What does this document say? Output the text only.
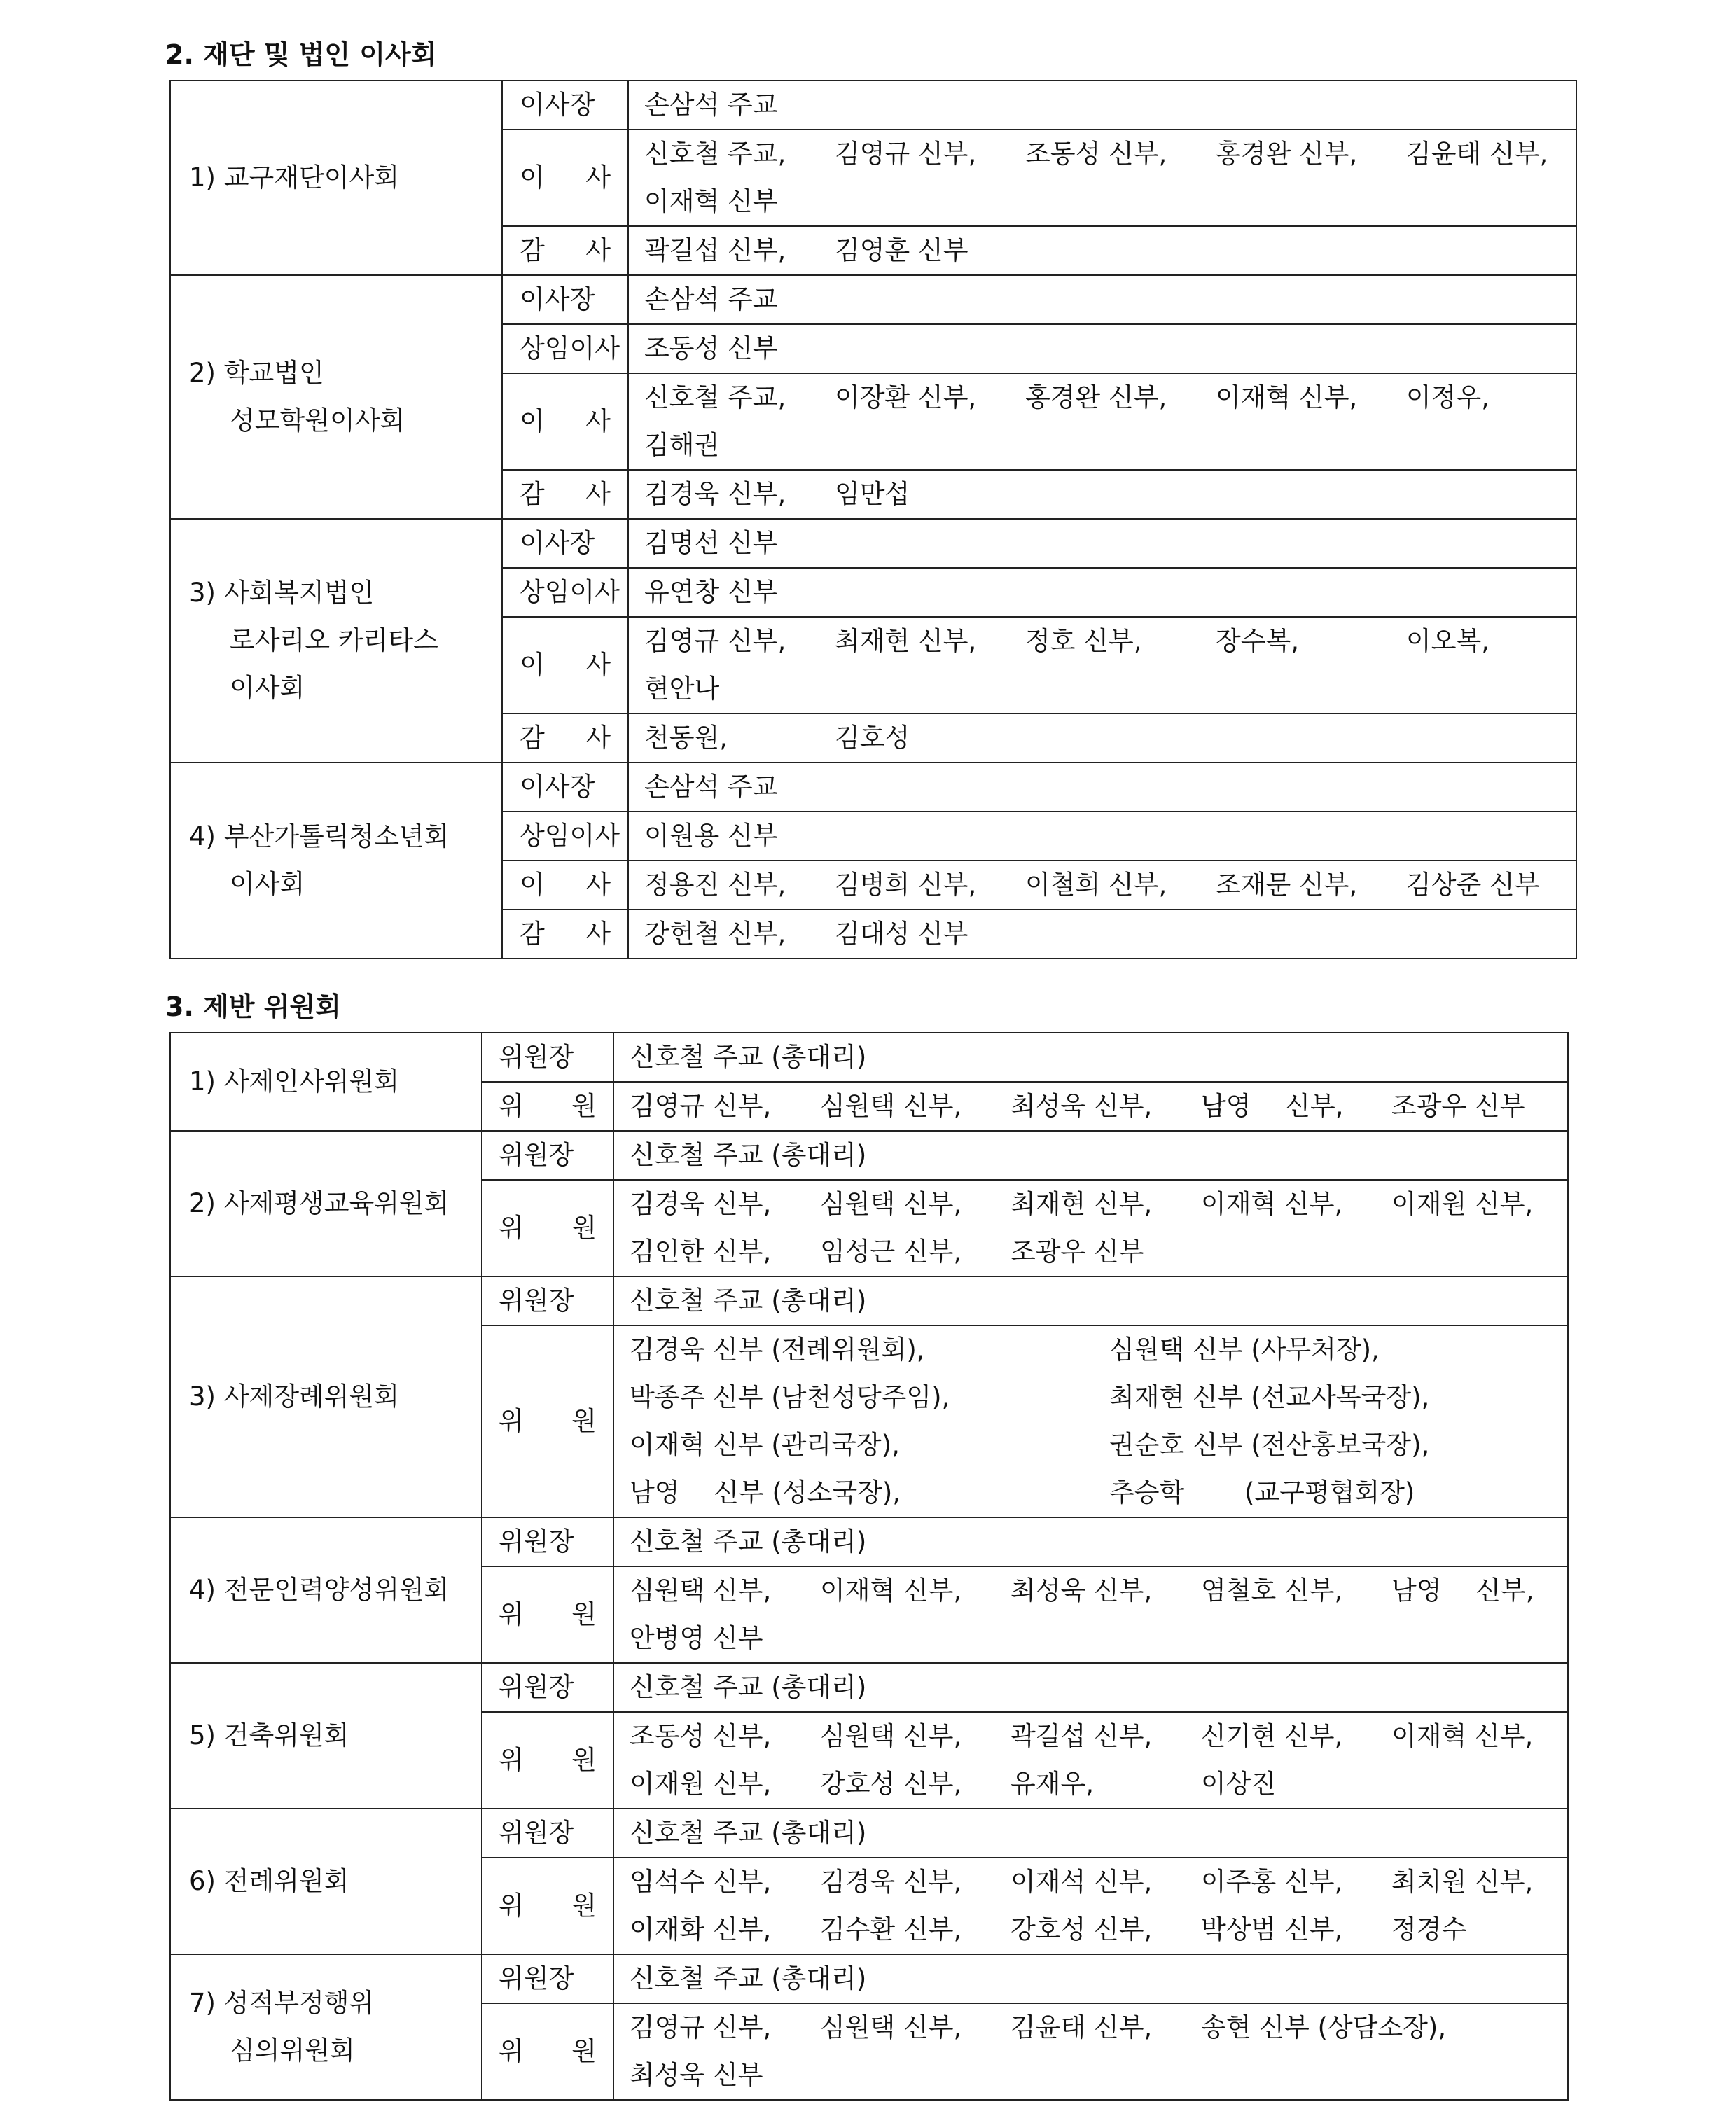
2. 재단 및 법인 이사회
1) 교구재단이사회	이사장	손삼석 주교

	이 사	신호철 주교, 김영규 신부, 조동성 신부, 홍경완 신부, 김윤태 신부,
이재혁 신부

	감 사	곽길섭 신부, 김영훈 신부

2) 학교법인
성모학원이사회	이사장	손삼석 주교

	상임이사	조동성 신부

	이 사	신호철 주교, 이장환 신부, 홍경완 신부, 이재혁 신부, 이정우,
김해권

	감 사	김경욱 신부, 임만섭

3) 사회복지법인
로사리오 카리타스
이사회	이사장	김명선 신부

	상임이사	유연창 신부

	이 사	김영규 신부, 최재현 신부, 정호 신부, 장수복, 이오복,
현안나

	감 사	천동원, 김호성

4) 부산가톨릭청소년회
이사회	이사장	손삼석 주교

	상임이사	이원용 신부

	이 사	정용진 신부, 김병희 신부, 이철희 신부, 조재문 신부, 김상준 신부

	감 사	강헌철 신부, 김대성 신부
3. 제반 위원회
1) 사제인사위원회	위원장	신호철 주교 (총대리)

	위 원	김영규 신부, 심원택 신부, 최성욱 신부, 남영　 신부, 조광우 신부

2) 사제평생교육위원회	위원장	신호철 주교 (총대리)

	위 원	김경욱 신부, 심원택 신부, 최재현 신부, 이재혁 신부, 이재원 신부,
김인한 신부, 임성근 신부, 조광우 신부

3) 사제장례위원회	위원장	신호철 주교 (총대리)

	위 원	김경욱 신부 (전례위원회), 심원택 신부 (사무처장),
박종주 신부 (남천성당주임), 최재현 신부 (선교사목국장),
이재혁 신부 (관리국장), 권순호 신부 (전산홍보국장),
남영　 신부 (성소국장), 추승학　　 (교구평협회장)

4) 전문인력양성위원회	위원장	신호철 주교 (총대리)

	위 원	심원택 신부, 이재혁 신부, 최성욱 신부, 염철호 신부, 남영　 신부,
안병영 신부

5) 건축위원회	위원장	신호철 주교 (총대리)

	위 원	조동성 신부, 심원택 신부, 곽길섭 신부, 신기현 신부, 이재혁 신부,
이재원 신부, 강호성 신부, 유재우, 이상진

6) 전례위원회	위원장	신호철 주교 (총대리)

	위 원	임석수 신부, 김경욱 신부, 이재석 신부, 이주홍 신부, 최치원 신부,
이재화 신부, 김수환 신부, 강호성 신부, 박상범 신부, 정경수

7) 성적부정행위
심의위원회	위원장	신호철 주교 (총대리)

	위 원	김영규 신부, 심원택 신부, 김윤태 신부, 송현 신부 (상담소장),
최성욱 신부
